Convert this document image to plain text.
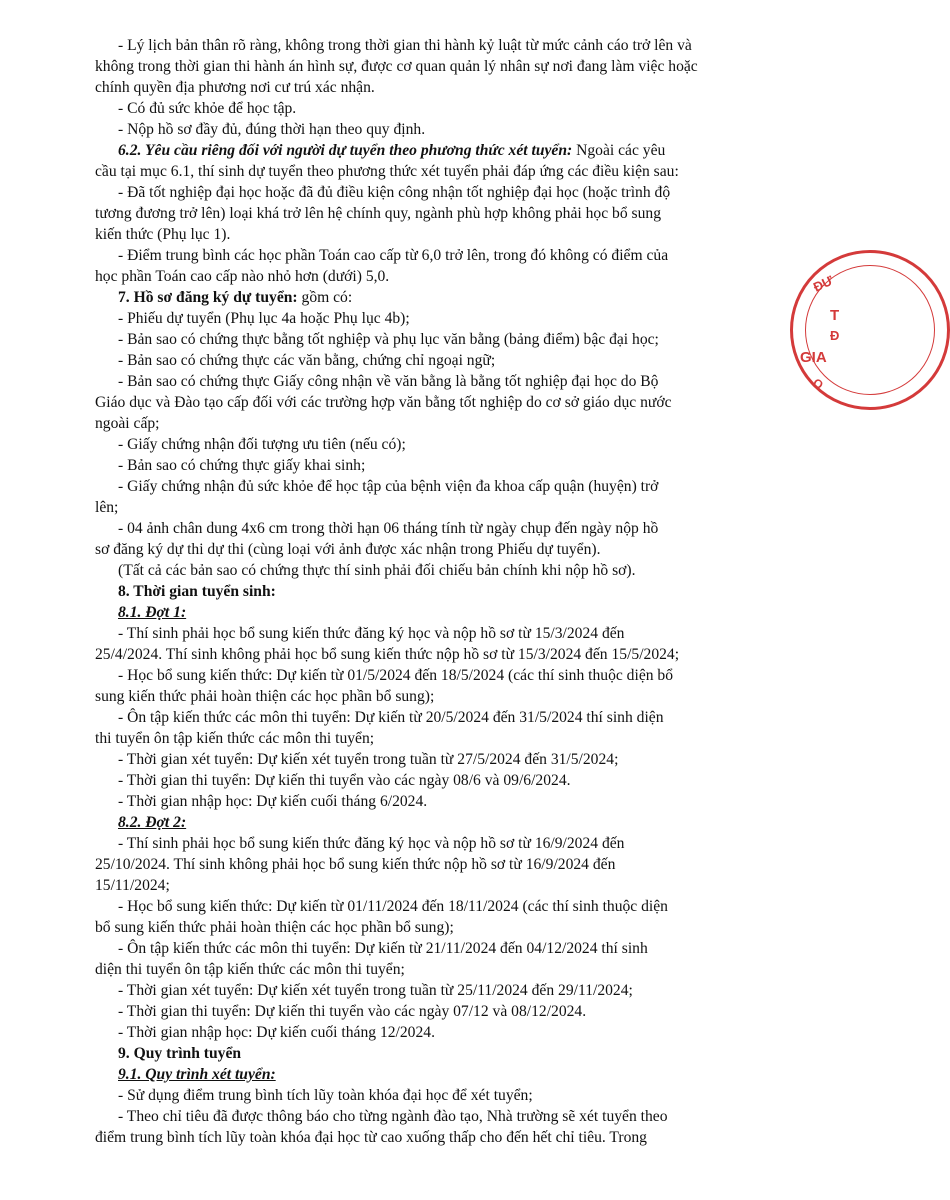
- Lý lịch bản thân rõ ràng, không trong thời gian thi hành kỷ luật từ mức cảnh cáo trở lên và
không trong thời gian thi hành án hình sự, được cơ quan quản lý nhân sự nơi đang làm việc hoặc
chính quyền địa phương nơi cư trú xác nhận.
- Có đủ sức khỏe để học tập.
- Nộp hồ sơ đầy đủ, đúng thời hạn theo quy định.
6.2. Yêu cầu riêng đối với người dự tuyển theo phương thức xét tuyển: Ngoài các yêu
cầu tại mục 6.1, thí sinh dự tuyển theo phương thức xét tuyển phải đáp ứng các điều kiện sau:
- Đã tốt nghiệp đại học hoặc đã đủ điều kiện công nhận tốt nghiệp đại học (hoặc trình độ
tương đương trở lên) loại khá trở lên hệ chính quy, ngành phù hợp không phải học bổ sung
kiến thức (Phụ lục 1).
- Điểm trung bình các học phần Toán cao cấp từ 6,0 trở lên, trong đó không có điểm của
học phần Toán cao cấp nào nhỏ hơn (dưới) 5,0.
7. Hồ sơ đăng ký dự tuyển: gồm có:
- Phiếu dự tuyển (Phụ lục 4a hoặc Phụ lục 4b);
- Bản sao có chứng thực bằng tốt nghiệp và phụ lục văn bằng (bảng điểm) bậc đại học;
- Bản sao có chứng thực các văn bằng, chứng chỉ ngoại ngữ;
- Bản sao có chứng thực Giấy công nhận về văn bằng là bằng tốt nghiệp đại học do Bộ
Giáo dục và Đào tạo cấp đối với các trường hợp văn bằng tốt nghiệp do cơ sở giáo dục nước
ngoài cấp;
- Giấy chứng nhận đối tượng ưu tiên (nếu có);
- Bản sao có chứng thực giấy khai sinh;
- Giấy chứng nhận đủ sức khỏe để học tập của bệnh viện đa khoa cấp quận (huyện) trở
lên;
- 04 ảnh chân dung 4x6 cm trong thời hạn 06 tháng tính từ ngày chụp đến ngày nộp hồ
sơ đăng ký dự thi dự thi (cùng loại với ảnh được xác nhận trong Phiếu dự tuyển).
(Tất cả các bản sao có chứng thực thí sinh phải đối chiếu bản chính khi nộp hồ sơ).
8. Thời gian tuyển sinh:
8.1. Đợt 1:
- Thí sinh phải học bổ sung kiến thức đăng ký học và nộp hồ sơ từ 15/3/2024 đến
25/4/2024. Thí sinh không phải học bổ sung kiến thức nộp hồ sơ từ 15/3/2024 đến 15/5/2024;
- Học bổ sung kiến thức: Dự kiến từ 01/5/2024 đến 18/5/2024 (các thí sinh thuộc diện bổ
sung kiến thức phải hoàn thiện các học phần bổ sung);
- Ôn tập kiến thức các môn thi tuyển: Dự kiến từ 20/5/2024 đến 31/5/2024 thí sinh diện
thi tuyển ôn tập kiến thức các môn thi tuyển;
- Thời gian xét tuyển: Dự kiến xét tuyển trong tuần từ 27/5/2024 đến 31/5/2024;
- Thời gian thi tuyển: Dự kiến thi tuyển vào các ngày 08/6 và 09/6/2024.
- Thời gian nhập học: Dự kiến cuối tháng 6/2024.
8.2. Đợt 2:
- Thí sinh phải học bổ sung kiến thức đăng ký học và nộp hồ sơ từ 16/9/2024 đến
25/10/2024. Thí sinh không phải học bổ sung kiến thức nộp hồ sơ từ 16/9/2024 đến
15/11/2024;
- Học bổ sung kiến thức: Dự kiến từ 01/11/2024 đến 18/11/2024 (các thí sinh thuộc diện
bổ sung kiến thức phải hoàn thiện các học phần bổ sung);
- Ôn tập kiến thức các môn thi tuyển: Dự kiến từ 21/11/2024 đến 04/12/2024 thí sinh
diện thi tuyển ôn tập kiến thức các môn thi tuyển;
- Thời gian xét tuyển: Dự kiến xét tuyển trong tuần từ 25/11/2024 đến 29/11/2024;
- Thời gian thi tuyển: Dự kiến thi tuyển vào các ngày 07/12 và 08/12/2024.
- Thời gian nhập học: Dự kiến cuối tháng 12/2024.
9. Quy trình tuyển
9.1. Quy trình xét tuyển:
- Sử dụng điểm trung bình tích lũy toàn khóa đại học để xét tuyển;
- Theo chỉ tiêu đã được thông báo cho từng ngành đào tạo, Nhà trường sẽ xét tuyển theo
điểm trung bình tích lũy toàn khóa đại học từ cao xuống thấp cho đến hết chỉ tiêu. Trong
ĐƯ
T
Đ
GIA
O
